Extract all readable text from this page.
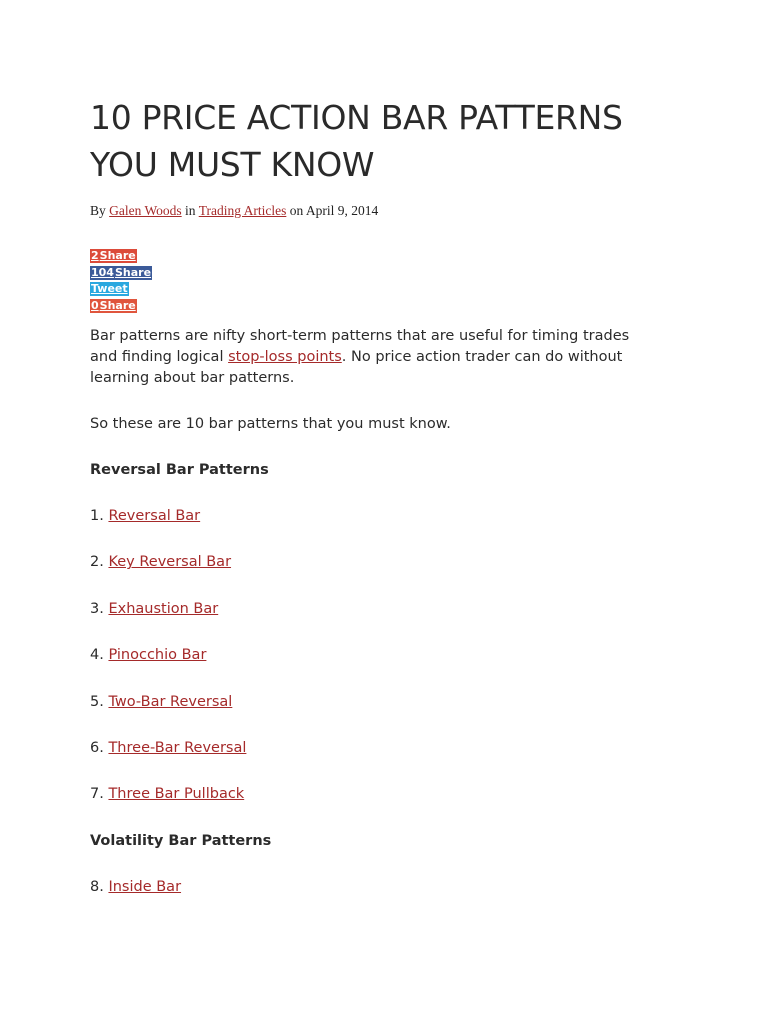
10 PRICE ACTION BAR PATTERNS YOU MUST KNOW
By Galen Woods in Trading Articles on April 9, 2014
2Share
104Share
Tweet
0Share

Bar patterns are nifty short-term patterns that are useful for timing trades and finding logical stop-loss points. No price action trader can do without learning about bar patterns.

So these are 10 bar patterns that you must know.

Reversal Bar Patterns

1. Reversal Bar

2. Key Reversal Bar

3. Exhaustion Bar

4. Pinocchio Bar

5. Two-Bar Reversal

6. Three-Bar Reversal

7. Three Bar Pullback

Volatility Bar Patterns

8. Inside Bar
